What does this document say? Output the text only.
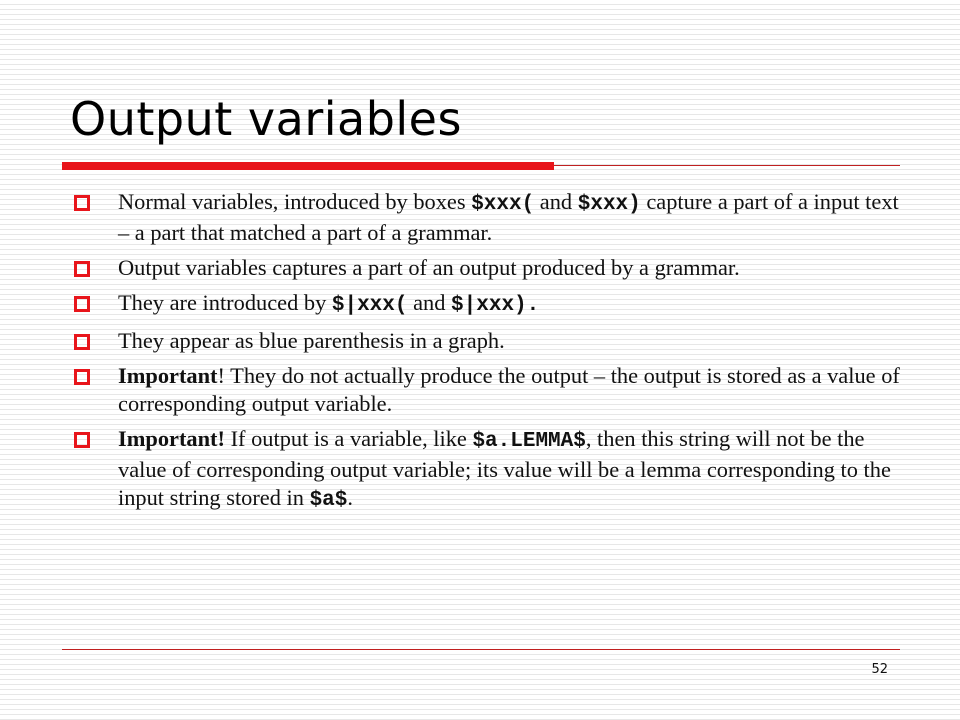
Output variables
Normal variables, introduced by boxes $xxx( and $xxx) capture a part of a input text – a part that matched a part of a grammar.
Output variables captures a part of an output produced by a grammar.
They are introduced by $|xxx( and $|xxx).
They appear as blue parenthesis in a graph.
Important! They do not actually produce the output – the output is stored as a value of corresponding output variable.
Important! If output is a variable, like $a.LEMMA$, then this string will not be the value of corresponding output variable; its value will be a lemma corresponding to the input string stored in $a$.
52
